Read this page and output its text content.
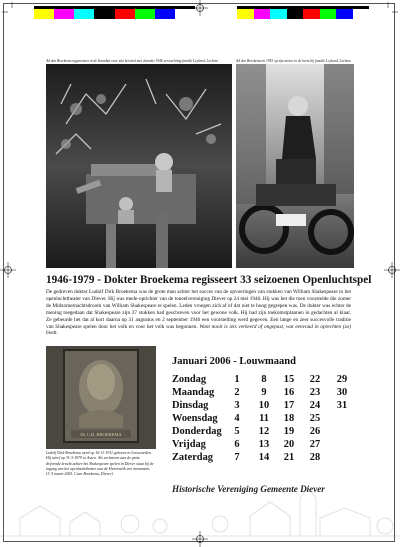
Ad den Broekema opgenomen in de boomhut voor zijn kerstrol met Janneke 1946 verwachting familie Leyland, Lochem	Ad den Broekema in 1953 op zijn motor in de berm bij familie Leyland, Lochem
1946-1979 - Dokter Broekema regisseert 33 seizoenen Openluchtspel
De gedreven dokter Ludolf Dirk Broekema was de grote man achter het succes van de opvoeringen van stukken van William Shakespeare in het openluchttheater van Diever. Hij was mede-oprichter van de toneelvereniging Diever op 24 mei 1946. Hij was het die toen voorstelde die zomer de Midzomernachtsdroom van William Shakespeare te spelen. Leden vroegen zich af of dat niet te hoog gegrepen was. De dokter was echter de mening toegedaan dat Shakespeare zijn 37 stukken had geschreven voor het gewone volk. Hij had zijn toekomstplannen in gedachten al klaar. Ze gebeurde het dat al kort daarna op 31 augustus en 2 september 1946 een voorstelling werd gegeven. Een lange en zeer succesvolle traditie van Shakespeare spelen door het volk en voor het volk was begonnen. Want nooit is iets verkeerd of ongepast, wat eenvoud in oprechten (zo) biedt.
Dr. L.D. BROEKEMA
Ludolf Dirk Broekema werd op 16-11-1911 geboren in Leeuwarden. Hij stierf op 31-3-1979 in Assen. Als eerbetoon aan de grote drijvende kracht achter het Shakespeare spelen in Diever staat bij de ingang van het openluchttheater aan de Hezenweik een monument. (© 5 maart 2005. Coen Broekema, Diever)
Januari 2006 - Louwmaand
Zondag	1	8	15	22	29
Maandag	2	9	16	23	30
Dinsdag	3	10	17	24	31
Woensdag	4	11	18	25
Donderdag	5	12	19	26
Vrijdag	6	13	20	27
Zaterdag	7	14	21	28
Historische Vereniging Gemeente Diever
